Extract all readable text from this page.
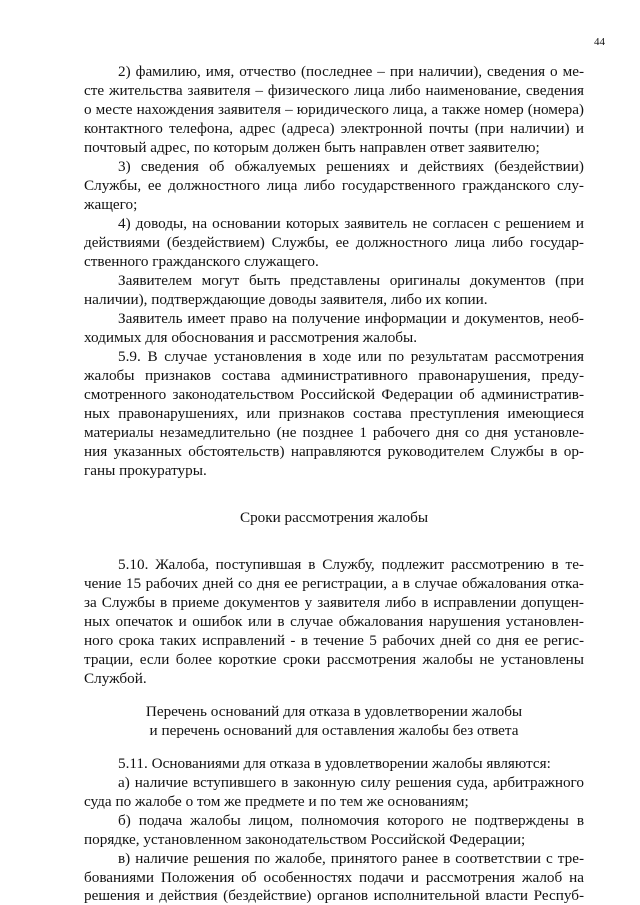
44
2) фамилию, имя, отчество (последнее – при наличии), сведения о ме-
сте жительства заявителя – физического лица либо наименование, сведения
о месте нахождения заявителя – юридического лица, а также номер (номера)
контактного телефона, адрес (адреса) электронной почты (при наличии) и
почтовый адрес, по которым должен быть направлен ответ заявителю;
3) сведения об обжалуемых решениях и действиях (бездействии)
Службы, ее должностного лица либо государственного гражданского слу-
жащего;
4) доводы, на основании которых заявитель не согласен с решением и
действиями (бездействием) Службы, ее должностного лица либо государ-
ственного гражданского служащего.
Заявителем могут быть представлены оригиналы документов (при
наличии), подтверждающие доводы заявителя, либо их копии.
Заявитель имеет право на получение информации и документов, необ-
ходимых для обоснования и рассмотрения жалобы.
5.9. В случае установления в ходе или по результатам рассмотрения
жалобы признаков состава административного правонарушения, преду-
смотренного законодательством Российской Федерации об административ-
ных правонарушениях, или признаков состава преступления имеющиеся
материалы незамедлительно (не позднее 1 рабочего дня со дня установле-
ния указанных обстоятельств) направляются руководителем Службы в ор-
ганы прокуратуры.
Сроки рассмотрения жалобы
5.10. Жалоба, поступившая в Службу, подлежит рассмотрению в те-
чение 15 рабочих дней со дня ее регистрации, а в случае обжалования отка-
за Службы в приеме документов у заявителя либо в исправлении допущен-
ных опечаток и ошибок или в случае обжалования нарушения установлен-
ного срока таких исправлений - в течение 5 рабочих дней со дня ее регис-
трации, если более короткие сроки рассмотрения жалобы не установлены
Службой.
Перечень оснований для отказа в удовлетворении жалобы
и перечень оснований для оставления жалобы без ответа
5.11. Основаниями для отказа в удовлетворении жалобы являются:
а) наличие вступившего в законную силу решения суда, арбитражного
суда по жалобе о том же предмете и по тем же основаниям;
б) подача жалобы лицом, полномочия которого не подтверждены в
порядке, установленном законодательством Российской Федерации;
в) наличие решения по жалобе, принятого ранее в соответствии с тре-
бованиями Положения об особенностях подачи и рассмотрения жалоб на
решения и действия (бездействие) органов исполнительной власти Респуб-
